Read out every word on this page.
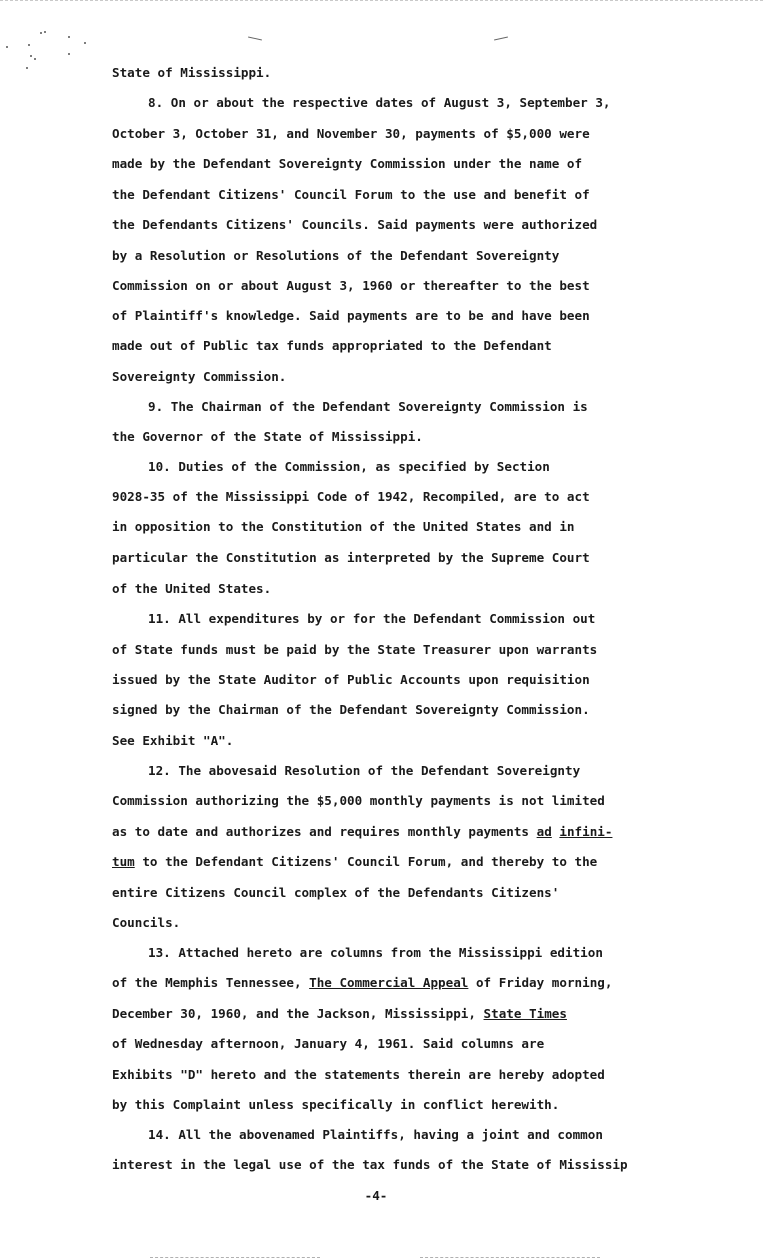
State of Mississippi.
8. On or about the respective dates of August 3, September 3,
October 3, October 31, and November 30, payments of $5,000 were
made by the Defendant Sovereignty Commission under the name of
the Defendant Citizens' Council Forum to the use and benefit of
the Defendants Citizens' Councils. Said payments were authorized
by a Resolution or Resolutions of the Defendant Sovereignty
Commission on or about August 3, 1960 or thereafter to the best
of Plaintiff's knowledge. Said payments are to be and have been
made out of Public tax funds appropriated to the Defendant
Sovereignty Commission.
9. The Chairman of the Defendant Sovereignty Commission is
the Governor of the State of Mississippi.
10. Duties of the Commission, as specified by Section
9028-35 of the Mississippi Code of 1942, Recompiled, are to act
in opposition to the Constitution of the United States and in
particular the Constitution as interpreted by the Supreme Court
of the United States.
11. All expenditures by or for the Defendant Commission out
of State funds must be paid by the State Treasurer upon warrants
issued by the State Auditor of Public Accounts upon requisition
signed by the Chairman of the Defendant Sovereignty Commission.
See Exhibit "A".
12. The abovesaid Resolution of the Defendant Sovereignty
Commission authorizing the $5,000 monthly payments is not limited
as to date and authorizes and requires monthly payments ad infini-
tum to the Defendant Citizens' Council Forum, and thereby to the
entire Citizens Council complex of the Defendants Citizens'
Councils.
13. Attached hereto are columns from the Mississippi edition
of the Memphis Tennessee, The Commercial Appeal of Friday morning,
December 30, 1960, and the Jackson, Mississippi, State Times
of Wednesday afternoon, January 4, 1961. Said columns are
Exhibits "D" hereto and the statements therein are hereby adopted
by this Complaint unless specifically in conflict herewith.
14. All the abovenamed Plaintiffs, having a joint and common
interest in the legal use of the tax funds of the State of Mississip
-4-
